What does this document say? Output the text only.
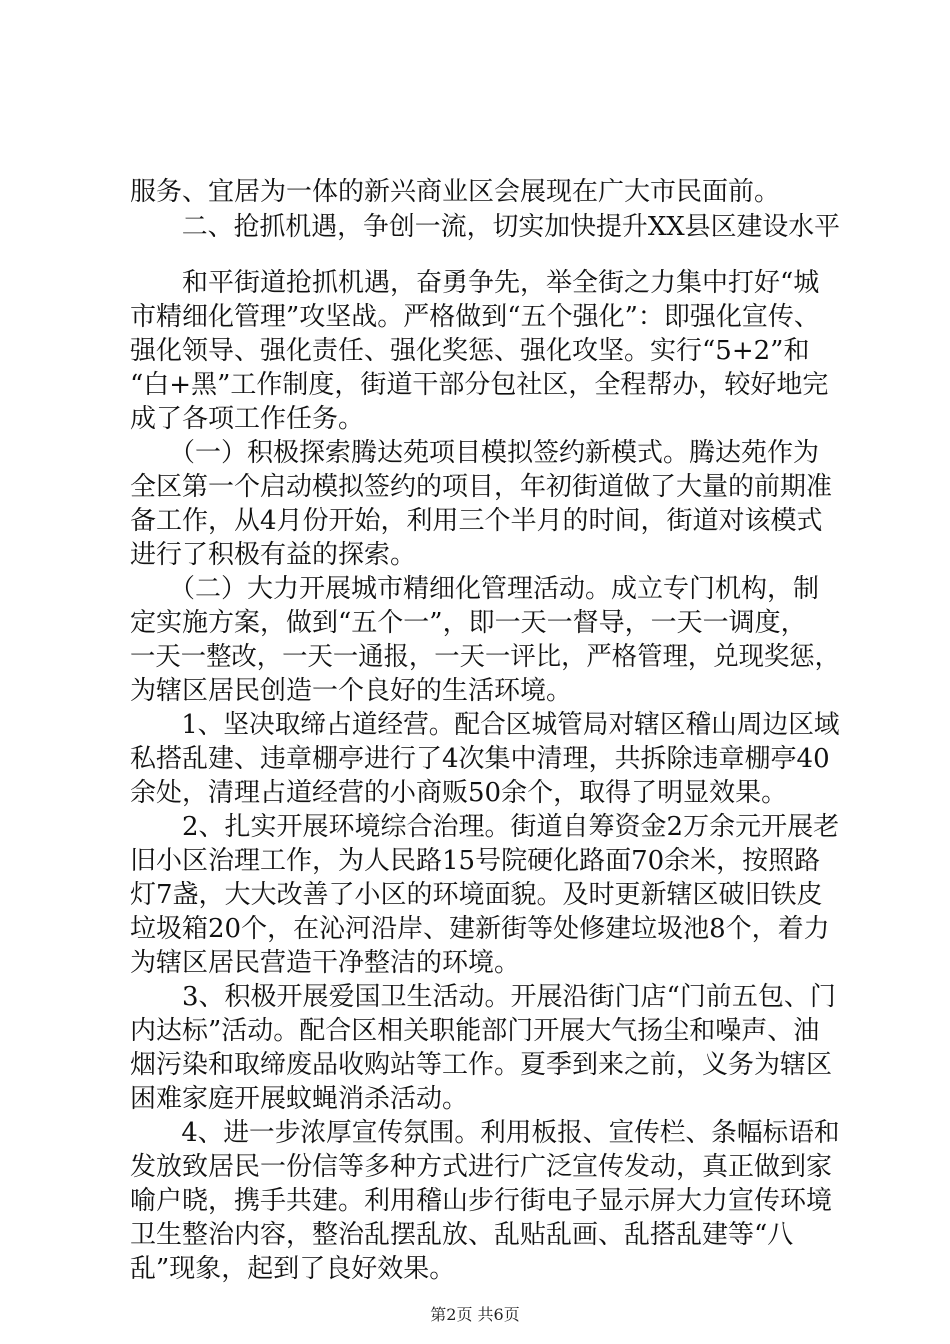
服务、宜居为一体的新兴商业区会展现在广大市民面前。
　　二、抢抓机遇，争创一流，切实加快提升XX县区建设水平
　　和平街道抢抓机遇，奋勇争先，举全街之力集中打好“城
市精细化管理”攻坚战。严格做到“五个强化”：即强化宣传、
强化领导、强化责任、强化奖惩、强化攻坚。实行“5+2”和
“白+黑”工作制度，街道干部分包社区，全程帮办，较好地完
成了各项工作任务。
　　（一）积极探索腾达苑项目模拟签约新模式。腾达苑作为
全区第一个启动模拟签约的项目，年初街道做了大量的前期准
备工作，从4月份开始，利用三个半月的时间，街道对该模式
进行了积极有益的探索。
　　（二）大力开展城市精细化管理活动。成立专门机构，制
定实施方案，做到“五个一”，即一天一督导，一天一调度，
一天一整改，一天一通报，一天一评比，严格管理，兑现奖惩，
为辖区居民创造一个良好的生活环境。
　　1、坚决取缔占道经营。配合区城管局对辖区稽山周边区域
私搭乱建、违章棚亭进行了4次集中清理，共拆除违章棚亭40
余处，清理占道经营的小商贩50余个，取得了明显效果。
　　2、扎实开展环境综合治理。街道自筹资金2万余元开展老
旧小区治理工作，为人民路15号院硬化路面70余米，按照路
灯7盏，大大改善了小区的环境面貌。及时更新辖区破旧铁皮
垃圾箱20个，在沁河沿岸、建新街等处修建垃圾池8个，着力
为辖区居民营造干净整洁的环境。
　　3、积极开展爱国卫生活动。开展沿街门店“门前五包、门
内达标”活动。配合区相关职能部门开展大气扬尘和噪声、油
烟污染和取缔废品收购站等工作。夏季到来之前，义务为辖区
困难家庭开展蚊蝇消杀活动。
　　4、进一步浓厚宣传氛围。利用板报、宣传栏、条幅标语和
发放致居民一份信等多种方式进行广泛宣传发动，真正做到家
喻户晓，携手共建。利用稽山步行街电子显示屏大力宣传环境
卫生整治内容，整治乱摆乱放、乱贴乱画、乱搭乱建等“八
乱”现象，起到了良好效果。
第2页 共6页
